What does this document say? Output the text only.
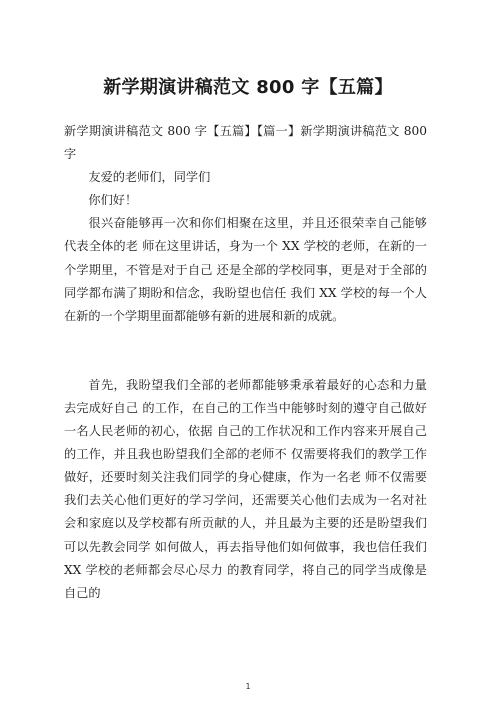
新学期演讲稿范文 800 字【五篇】

新学期演讲稿范文 800 字【五篇】【篇一】新学期演讲稿范文 800 字

友爱的老师们，同学们

你们好！

很兴奋能够再一次和你们相聚在这里，并且还很荣幸自己能够代表全体的老 师在这里讲话，身为一个 XX 学校的老师，在新的一个学期里，不管是对于自己 还是全部的学校同事，更是对于全部的同学都布满了期盼和信念，我盼望也信任 我们 XX 学校的每一个人在新的一个学期里面都能够有新的进展和新的成就。

首先，我盼望我们全部的老师都能够秉承着最好的心态和力量去完成好自己 的工作，在自己的工作当中能够时刻的遵守自己做好一名人民老师的初心，依据 自己的工作状况和工作内容来开展自己的工作，并且我也盼望我们全部的老师不 仅需要将我们的教学工作做好，还要时刻关注我们同学的身心健康，作为一名老 师不仅需要我们去关心他们更好的学习学问，还需要关心他们去成为一名对社会和家庭以及学校都有所贡献的人，并且最为主要的还是盼望我们可以先教会同学 如何做人，再去指导他们如何做事，我也信任我们 XX 学校的老师都会尽心尽力 的教育同学，将自己的同学当成像是自己的

1
